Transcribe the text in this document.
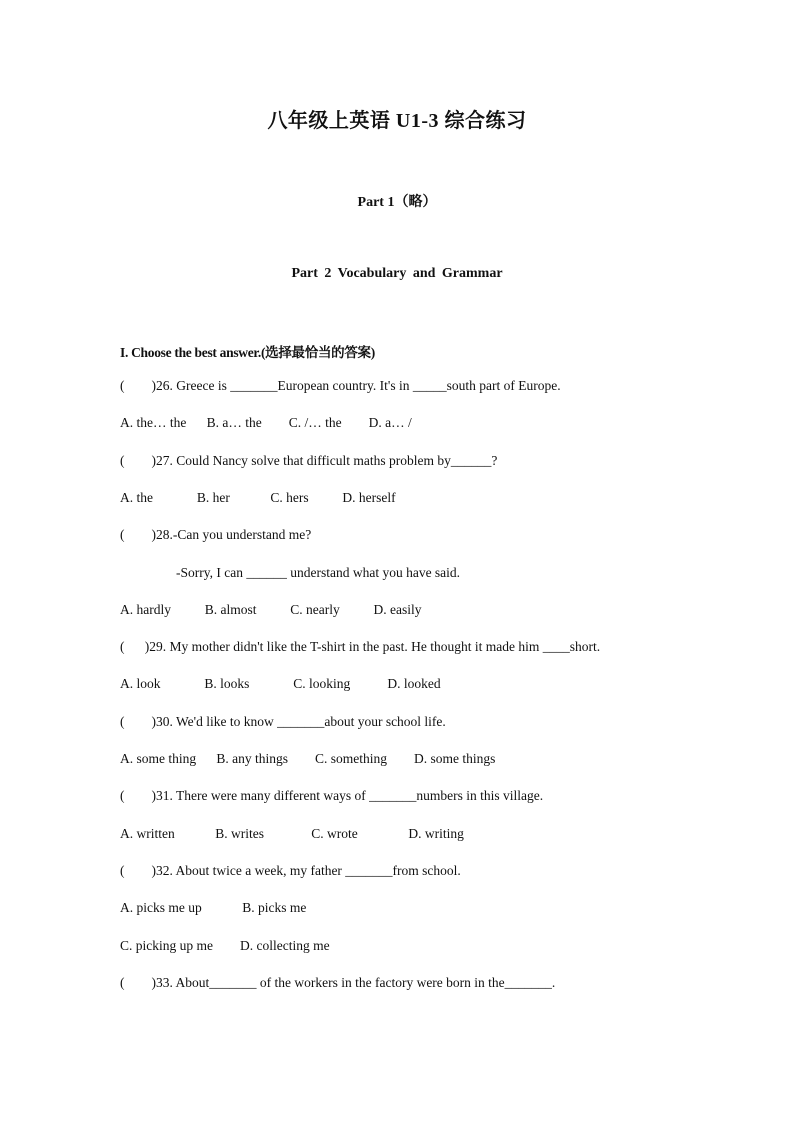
八年级上英语 U1-3 综合练习
Part 1（略）
Part 2 Vocabulary and Grammar
I. Choose the best answer.(选择最恰当的答案)
(        )26. Greece is _______European country. It's in _____south part of Europe.
A. the… the      B. a… the        C. /… the        D. a… /
(        )27. Could Nancy solve that difficult maths problem by______?
A. the             B. her            C. hers          D. herself
(        )28.-Can you understand me?
-Sorry, I can ______ understand what you have said.
A. hardly          B. almost          C. nearly          D. easily
(      )29. My mother didn't like the T-shirt in the past. He thought it made him ____short.
A. look             B. looks             C. looking           D. looked
(        )30. We'd like to know _______about your school life.
A. some thing      B. any things        C. something        D. some things
(        )31. There were many different ways of _______numbers in this village.
A. written            B. writes              C. wrote               D. writing
(        )32. About twice a week, my father _______from school.
A. picks me up            B. picks me
C. picking up me        D. collecting me
(        )33. About_______ of the workers in the factory were born in the_______.
